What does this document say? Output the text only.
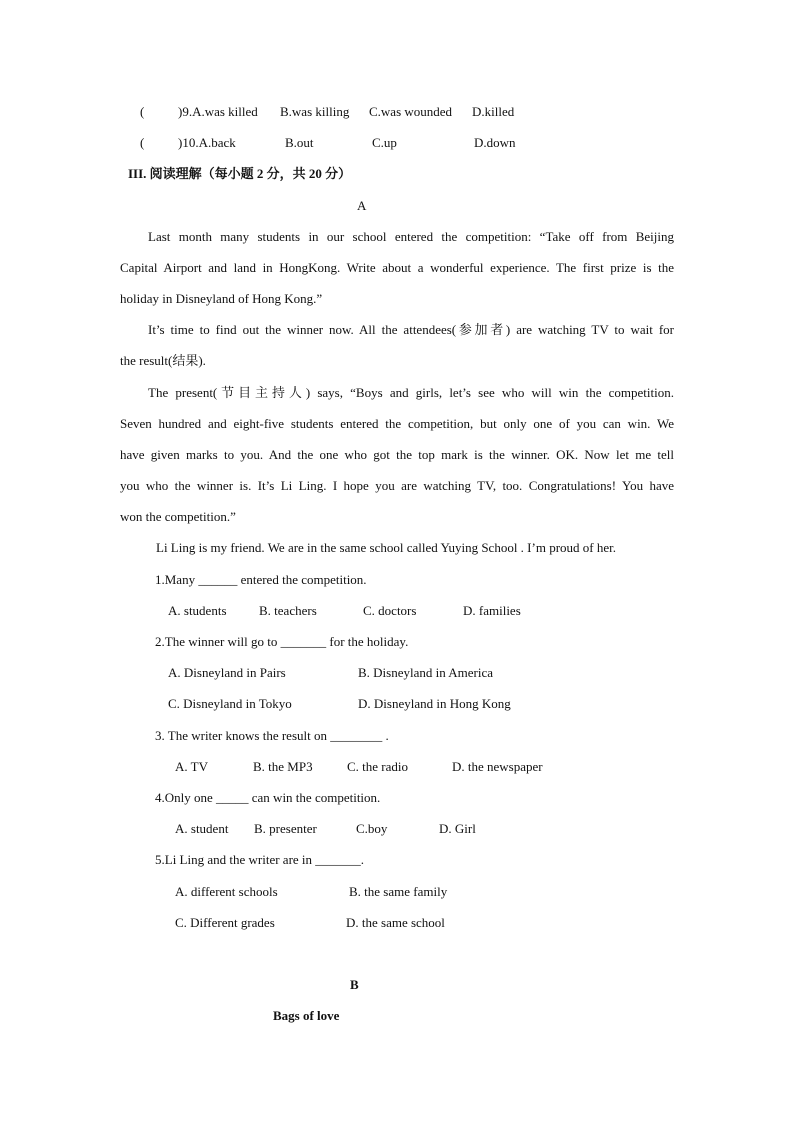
(	)9.A.was killed B.was killing C.was wounded D.killed
(	)10.A.back	B.out	C.up	D.down
III. 阅读理解（每小题 2 分，共 20 分）
A
Last month many students in our school entered the competition: “Take off from Beijing
Capital Airport and land in HongKong. Write about a wonderful experience. The first prize is the
holiday in Disneyland of Hong Kong.”
It’s time to find out the winner now. All the attendees(参加者) are watching TV to wait for
the result(结果).
The present(节目主持人) says, “Boys and girls, let’s see who will win the competition.
Seven hundred and eight-five students entered the competition, but only one of you can win. We
have given marks to you. And the one who got the top mark is the winner. OK. Now let me tell
you who the winner is. It’s Li Ling. I hope you are watching TV, too. Congratulations! You have
won the competition.”
Li Ling is my friend. We are in the same school called Yuying School . I’m proud of her.
1.Many ______ entered the competition.
A. students	B. teachers	C. doctors	D. families
2.The winner will go to _______ for the holiday.
A. Disneyland in Pairs	B. Disneyland in America
C. Disneyland in Tokyo	D. Disneyland in Hong Kong
3. The writer knows the result on ________ .
A. TV	B. the MP3	C. the radio	D. the newspaper
4.Only one _____ can win the competition.
A. student B. presenter	C.boy	D. Girl
5.Li Ling and the writer are in _______.
A. different schools	B. the same family
C. Different grades	D. the same school
B
Bags of love
